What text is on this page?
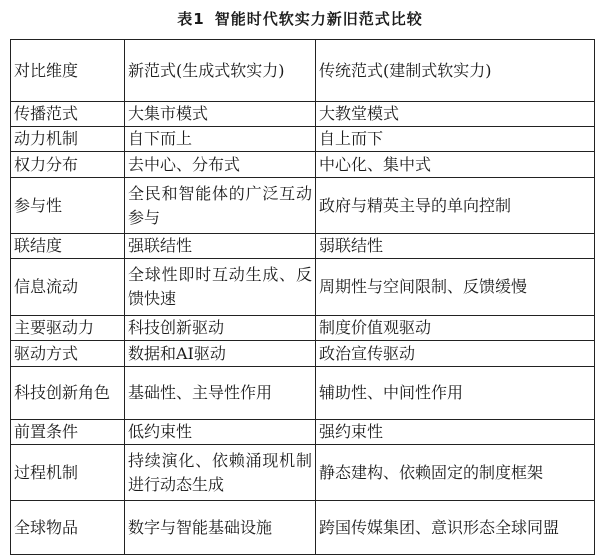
表1 智能时代软实力新旧范式比较
对比维度	新范式(生成式软实力)	传统范式(建制式软实力)
传播范式	大集市模式	大教堂模式
动力机制	自下而上	自上而下
权力分布	去中心、分布式	中心化、集中式
参与性	全民和智能体的广泛互动参与	政府与精英主导的单向控制
联结度	强联结性	弱联结性
信息流动	全球性即时互动生成、反馈快速	周期性与空间限制、反馈缓慢
主要驱动力	科技创新驱动	制度价值观驱动
驱动方式	数据和AI驱动	政治宣传驱动
科技创新角色	基础性、主导性作用	辅助性、中间性作用
前置条件	低约束性	强约束性
过程机制	持续演化、依赖涌现机制进行动态生成	静态建构、依赖固定的制度框架
全球物品	数字与智能基础设施	跨国传媒集团、意识形态全球同盟
